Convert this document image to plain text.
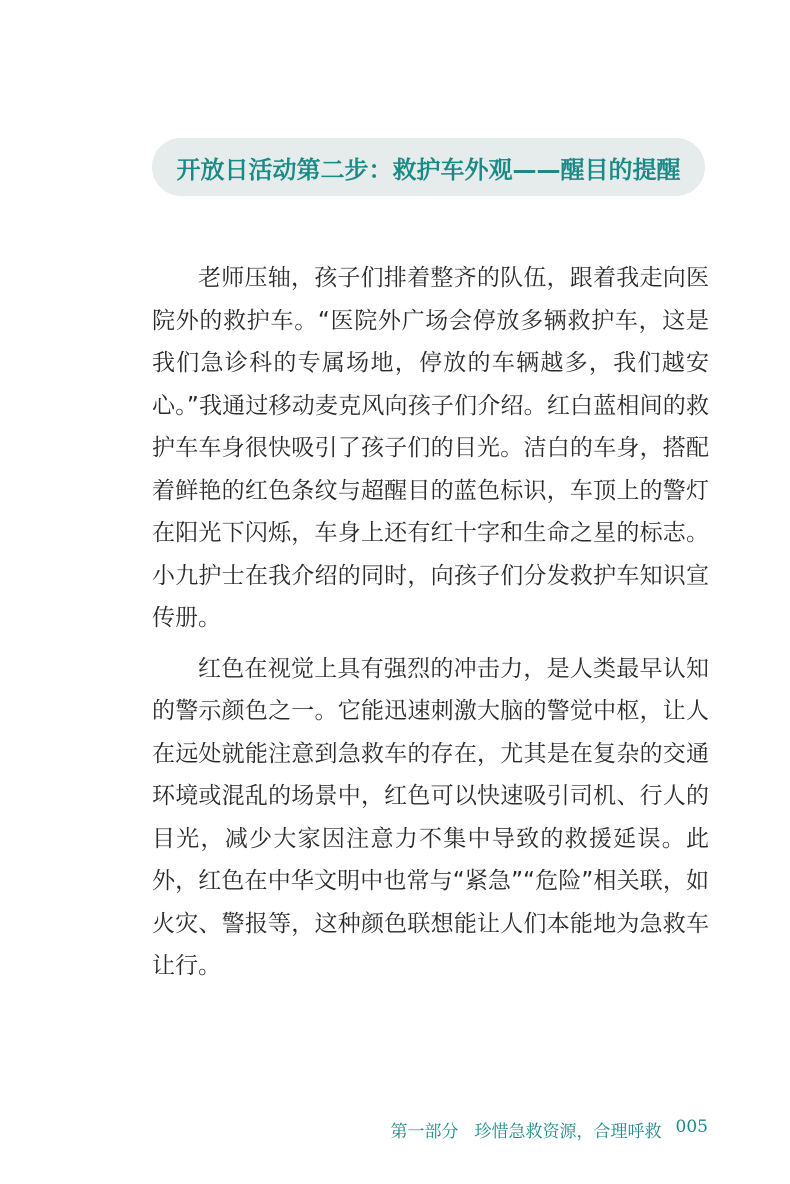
开放日活动第二步：救护车外观——醒目的提醒

老师压轴，孩子们排着整齐的队伍，跟着我走向医院外的救护车。“医院外广场会停放多辆救护车，这是我们急诊科的专属场地，停放的车辆越多，我们越安心。”我通过移动麦克风向孩子们介绍。红白蓝相间的救护车车身很快吸引了孩子们的目光。洁白的车身，搭配着鲜艳的红色条纹与超醒目的蓝色标识，车顶上的警灯在阳光下闪烁，车身上还有红十字和生命之星的标志。小九护士在我介绍的同时，向孩子们分发救护车知识宣传册。

红色在视觉上具有强烈的冲击力，是人类最早认知的警示颜色之一。它能迅速刺激大脑的警觉中枢，让人在远处就能注意到急救车的存在，尤其是在复杂的交通环境或混乱的场景中，红色可以快速吸引司机、行人的目光，减少大家因注意力不集中导致的救援延误。此外，红色在中华文明中也常与“紧急”“危险”相关联，如火灾、警报等，这种颜色联想能让人们本能地为急救车让行。

第一部分 珍惜急救资源，合理呼救 005
